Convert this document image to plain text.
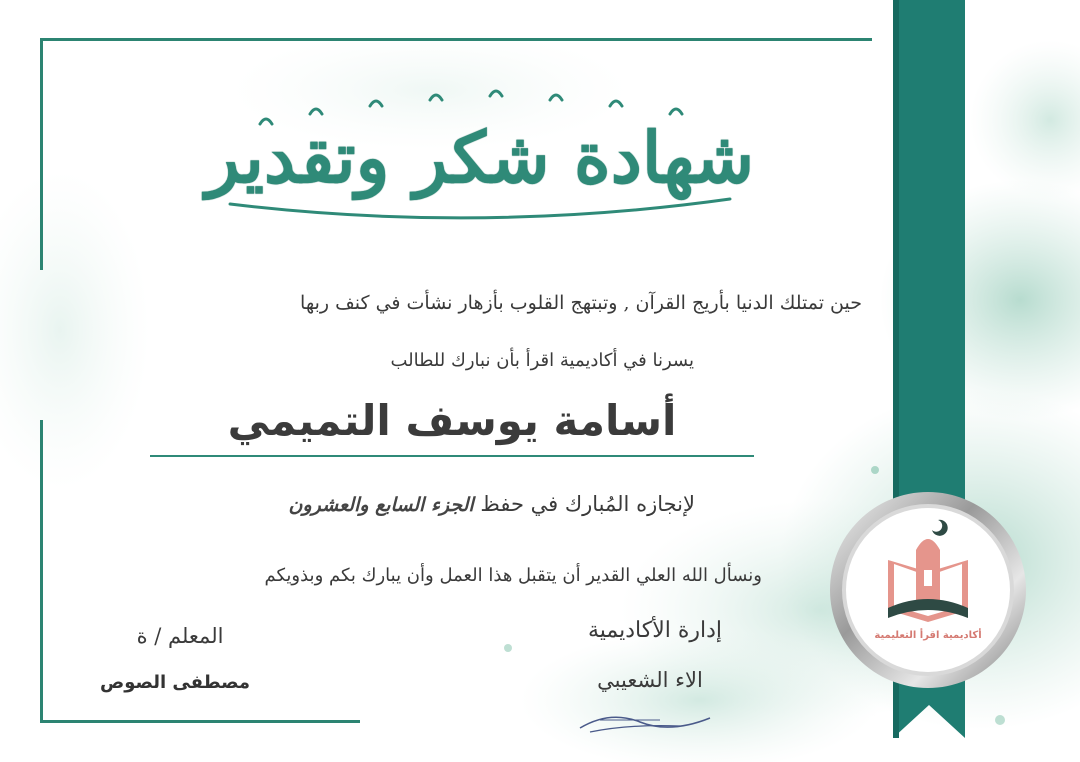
شهادة شكر وتقدير
حين تمتلك الدنيا بأريج القرآن , وتبتهج القلوب بأزهار نشأت في كنف ربها
يسرنا في أكاديمية اقرأ بأن نبارك للطالب
أسامة يوسف التميمي
لإنجازه المُبارك في حفظ الجزء السابع والعشرون
ونسأل الله العلي القدير أن يتقبل هذا العمل وأن يبارك بكم وبذويكم
المعلم / ة
مصطفى الصوص
إدارة الأكاديمية
الاء الشعيبي
أكاديمية اقرأ التعليمية
